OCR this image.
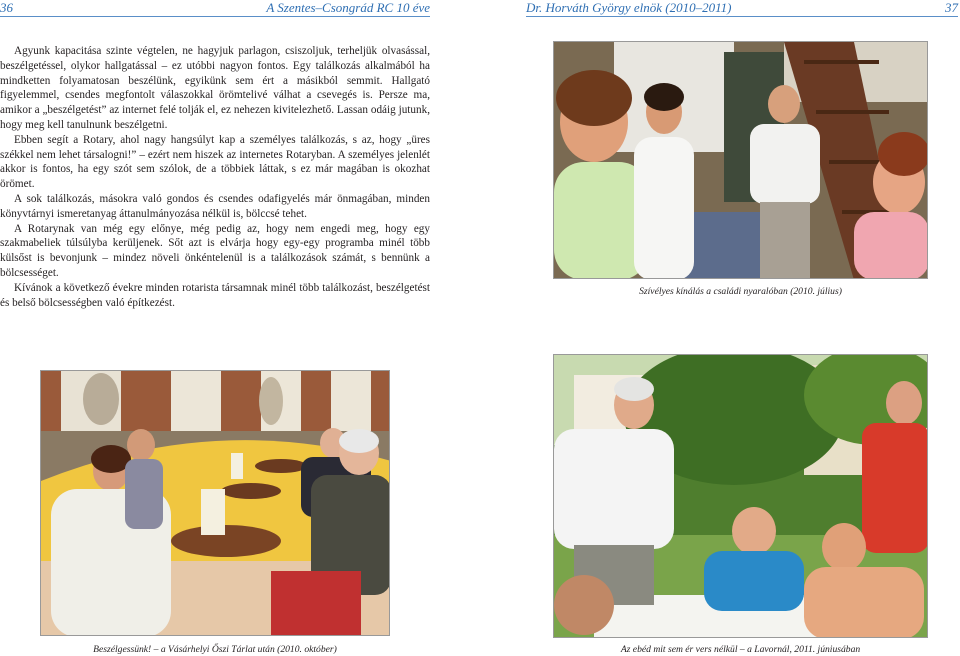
36	A Szentes–Csongrád RC 10 éve	Dr. Horváth György elnök (2010–2011)	37

Agyunk kapacitása szinte végtelen, ne hagyjuk parlagon, csiszoljuk, terheljük olvasással, beszélgetéssel, olykor hallgatással – ez utóbbi nagyon fontos. Egy találkozás alkalmából ha mindketten folyamatosan beszélünk, egyikünk sem ért a másikból semmit. Hallgató figyelemmel, csendes megfontolt válaszokkal örömtelivé válhat a csevegés is. Persze ma, amikor a „beszélgetést” az internet felé tolják el, ez nehezen kivitelezhető. Lassan odáig jutunk, hogy meg kell tanulnunk beszélgetni.

Ebben segít a Rotary, ahol nagy hangsúlyt kap a személyes találkozás, s az, hogy „üres székkel nem lehet társalogni!” – ezért nem hiszek az internetes Rotaryban. A személyes jelenlét akkor is fontos, ha egy szót sem szólok, de a többiek láttak, s ez már magában is okozhat örömet.

A sok találkozás, másokra való gondos és csendes odafigyelés már önmagában, minden könyvtárnyi ismeretanyag áttanulmányozása nélkül is, bölccsé tehet.

A Rotarynak van még egy előnye, még pedig az, hogy nem engedi meg, hogy egy szakmabeliek túlsúlyba kerüljenek. Sőt azt is elvárja hogy egy-egy programba minél több külsőst is bevonjunk – mindez növeli önkéntelenül is a találkozások számát, s bennünk a bölcsességet.

Kívánok a következő évekre minden rotarista társamnak minél több találkozást, beszélgetést és belső bölcsességben való építkezést.

Szívélyes kínálás a családi nyaralóban (2010. július)
Beszélgessünk! – a Vásárhelyi Őszi Tárlat után (2010. október)	Az ebéd mit sem ér vers nélkül – a Lavornál, 2011. júniusában
